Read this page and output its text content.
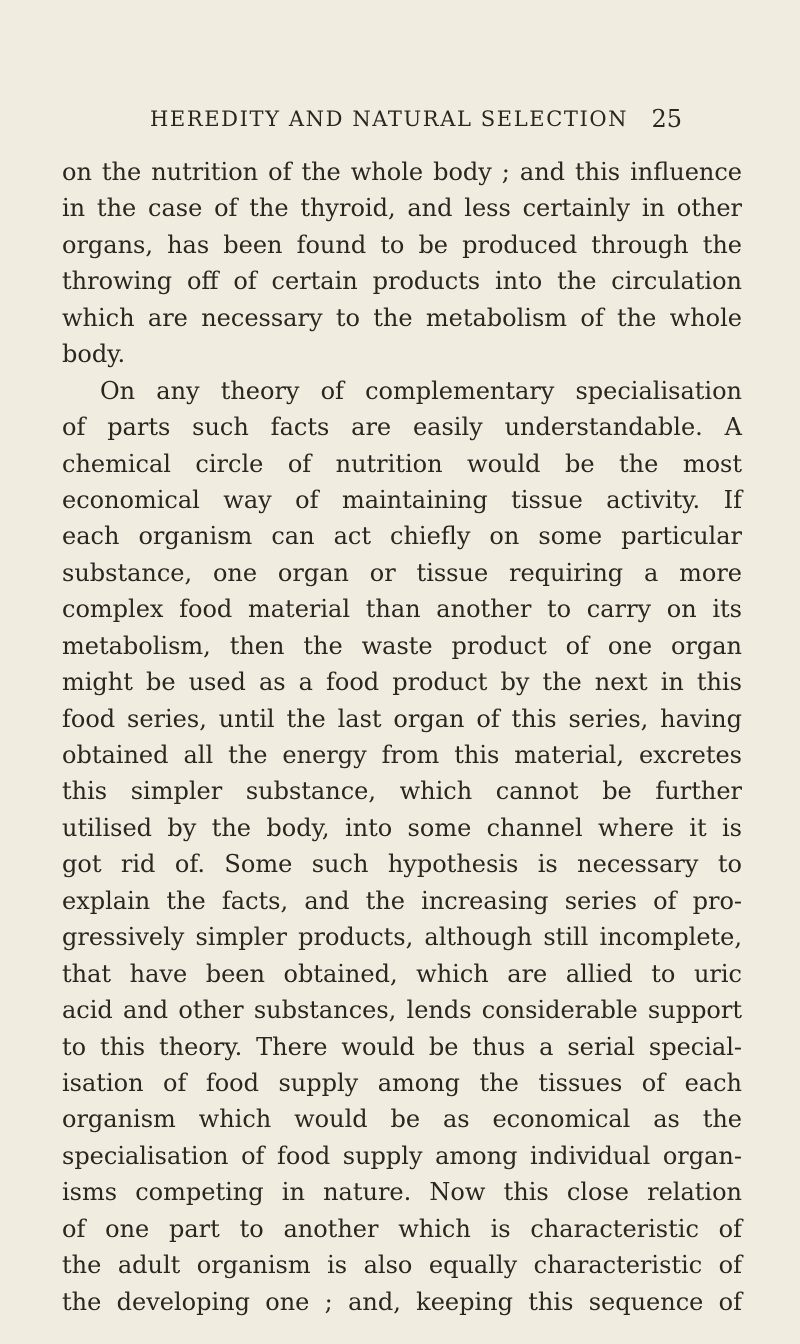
HEREDITY AND NATURAL SELECTION 25
on the nutrition of the whole body ; and this influence
in the case of the thyroid, and less certainly in other
organs, has been found to be produced through the
throwing off of certain products into the circulation
which are necessary to the metabolism of the whole
body.
On any theory of complementary specialisation
of parts such facts are easily understandable. A
chemical circle of nutrition would be the most
economical way of maintaining tissue activity. If
each organism can act chiefly on some particular
substance, one organ or tissue requiring a more
complex food material than another to carry on its
metabolism, then the waste product of one organ
might be used as a food product by the next in this
food series, until the last organ of this series, having
obtained all the energy from this material, excretes
this simpler substance, which cannot be further
utilised by the body, into some channel where it is
got rid of. Some such hypothesis is necessary to
explain the facts, and the increasing series of pro-
gressively simpler products, although still incomplete,
that have been obtained, which are allied to uric
acid and other substances, lends considerable support
to this theory. There would be thus a serial special-
isation of food supply among the tissues of each
organism which would be as economical as the
specialisation of food supply among individual organ-
isms competing in nature. Now this close relation
of one part to another which is characteristic of
the adult organism is also equally characteristic of
the developing one ; and, keeping this sequence of
